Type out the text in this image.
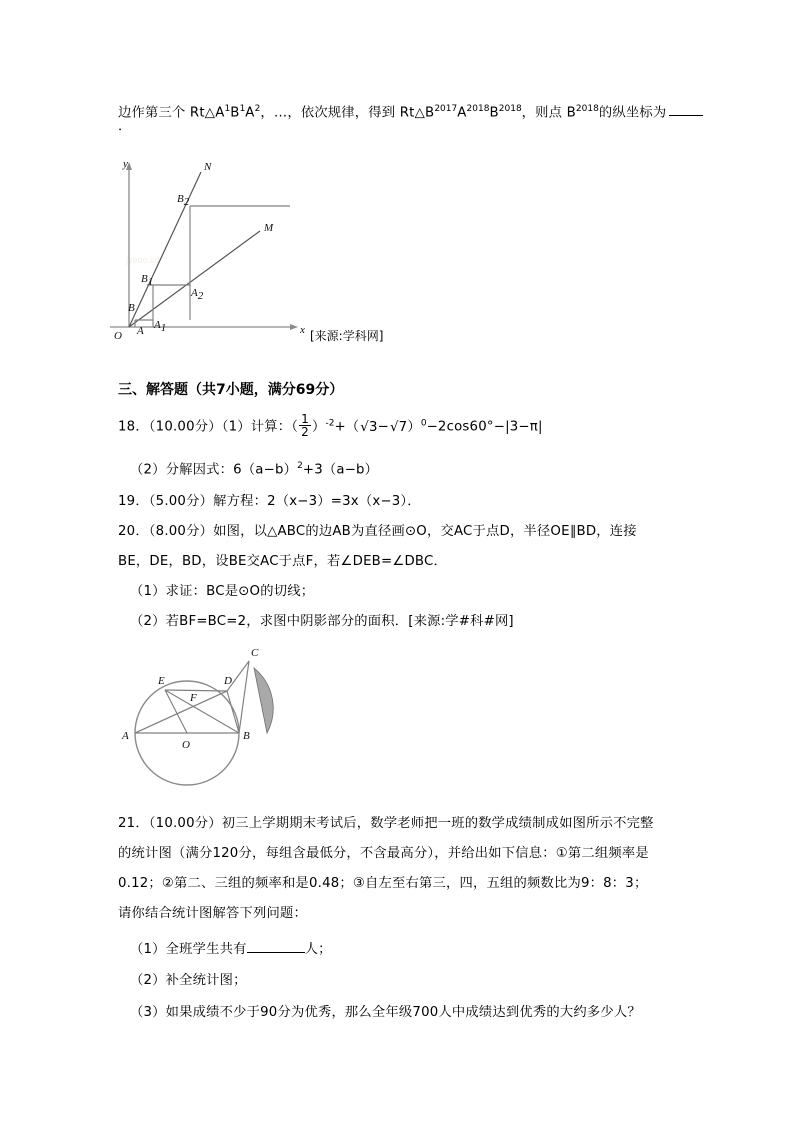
边作第三个 $Rt\triangle A_1B_1A_2$，…，依次规律，得到 $Rt\triangle B_{2017}A_{2018}B_{2018}$，则点 $B_{2018}$的纵坐标为
．
jyeoo.co
y
x
O
N
M
B
A
B1
A1
B2
A2
[来源:学科网]
三、解答题（共7小题，满分69分）
18．（10.00分）（1）计算：（ $\frac{1}{2} )^{-2}+(√3-√7)^0-2\cos 60^\circ-|3-\pi|$
（2）分解因式：$6(a-b)^2+3(a-b)$
19．（5.00分）解方程：2（x−3）=3x（x−3）．
20．（8.00分）如图，以△ABC的边AB为直径画⊙O，交AC于点D，半径OE∥BD，连接
BE，DE，BD，设BE交AC于点F，若∠DEB=∠DBC．
（1）求证：BC是⊙O的切线；
（2）若BF=BC=2，求图中阴影部分的面积．[来源:学#科#网]
A	B
C
D
E
F
O
21．（10.00分）初三上学期期末考试后，数学老师把一班的数学成绩制成如图所示不完整
的统计图（满分120分，每组含最低分，不含最高分），并给出如下信息：①第二组频率是
0.12；②第二、三组的频率和是0.48；③自左至右第三，四，五组的频数比为9：8：3；
请你结合统计图解答下列问题：
（1）全班学生共有	人；
（2）补全统计图；
（3）如果成绩不少于90分为优秀，那么全年级700人中成绩达到优秀的大约多少人？
